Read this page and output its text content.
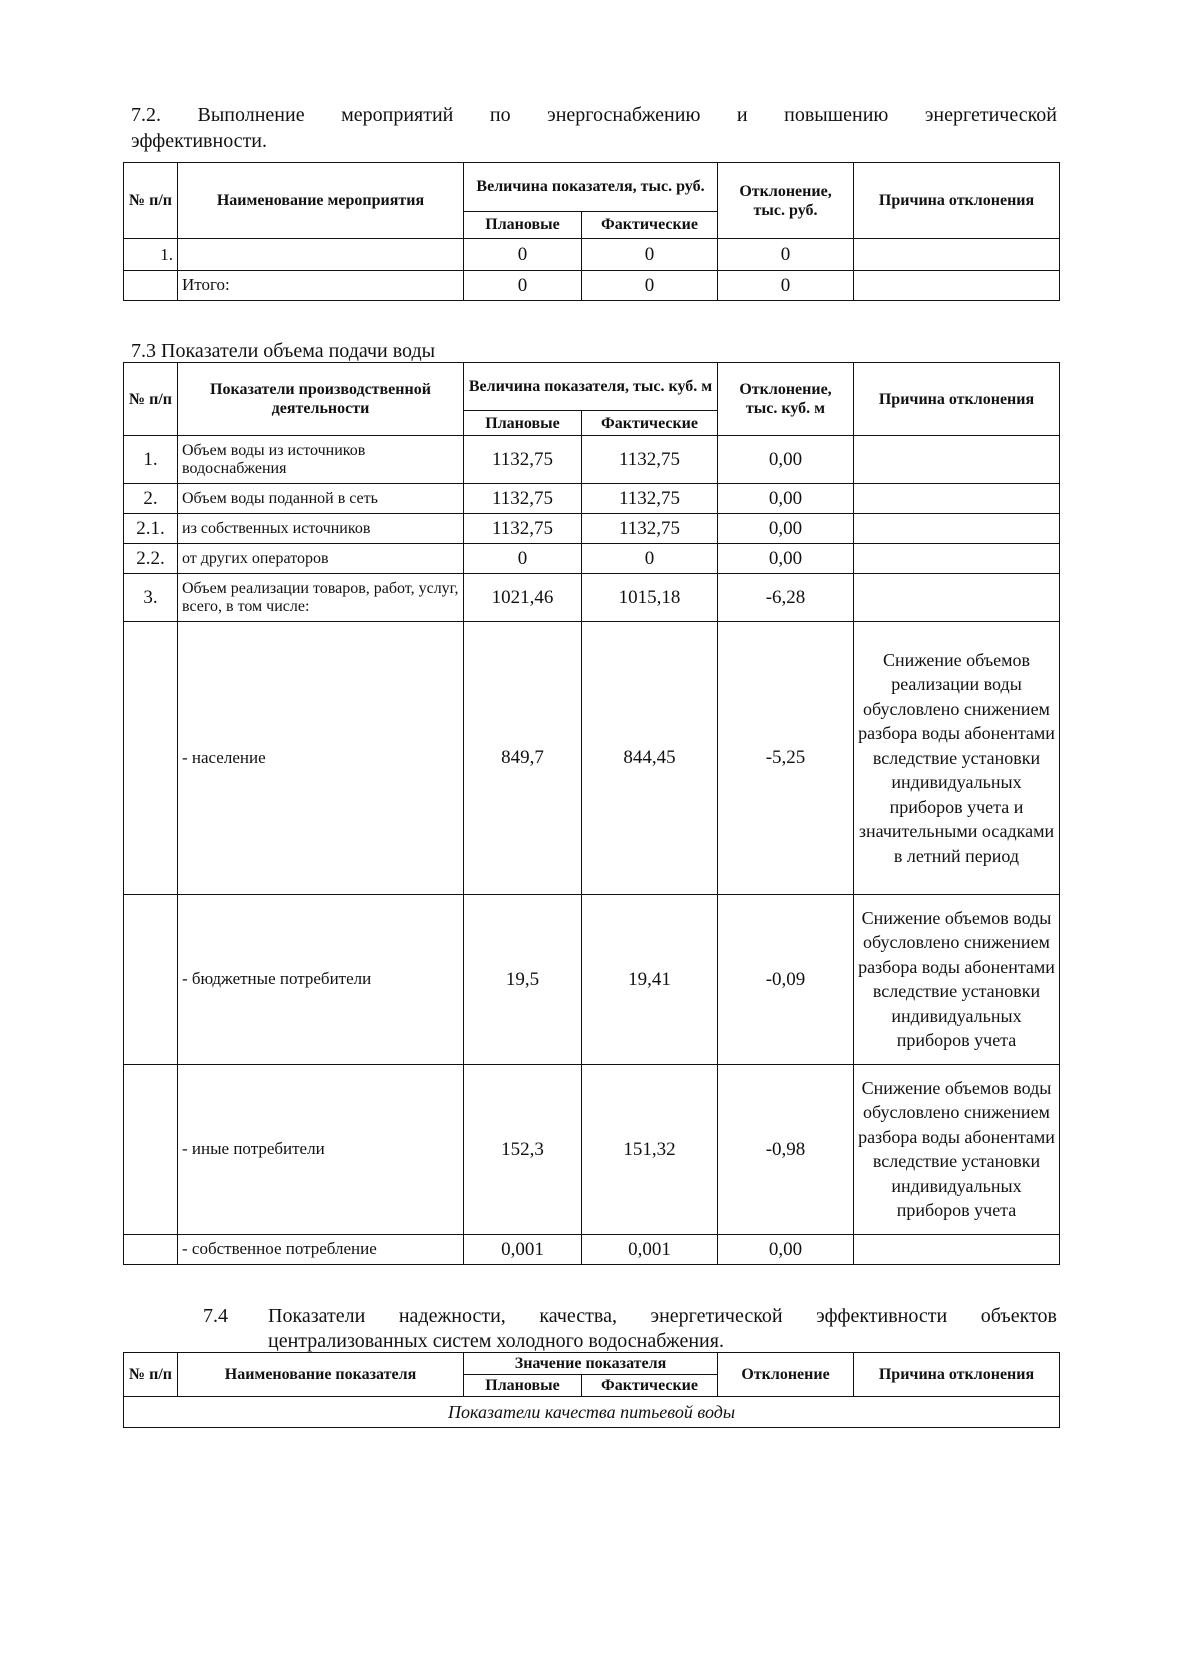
7.2. Выполнение мероприятий по энергоснабжению и повышению энергетической
эффективности.
№ п/п	Наименование мероприятия	Величина показателя, тыс. руб.		Отклонение, тыс. руб.	Причина отклонения
		Плановые	Фактические		
1.		0	0	0	
	Итого:	0	0	0	
7.3 Показатели объема подачи воды
№ п/п	Показатели производственной деятельности	Величина показателя, тыс. куб. м		Отклонение, тыс. куб. м	Причина отклонения
		Плановые	Фактические		
1.	Объем воды из источников водоснабжения	1132,75	1132,75	0,00	
2.	Объем воды поданной в сеть	1132,75	1132,75	0,00	
2.1.	из собственных источников	1132,75	1132,75	0,00	
2.2.	от других операторов	0	0	0,00	
3.	Объем реализации товаров, работ, услуг, всего, в том числе:	1021,46	1015,18	-6,28	
	- население	849,7	844,45	-5,25	Снижение объемов реализации воды обусловлено снижением разбора воды абонентами вследствие установки индивидуальных приборов учета и значительными осадками в летний период
	- бюджетные потребители	19,5	19,41	-0,09	Снижение объемов воды обусловлено снижением разбора воды абонентами вследствие установки индивидуальных приборов учета
	- иные потребители	152,3	151,32	-0,98	Снижение объемов воды обусловлено снижением разбора воды абонентами вследствие установки индивидуальных приборов учета
	- собственное потребление	0,001	0,001	0,00	
7.4	Показатели надежности, качества, энергетической эффективности объектов
централизованных систем холодного водоснабжения.
№ п/п	Наименование показателя	Значение показателя		Отклонение	Причина отклонения
		Плановые	Фактические		
Показатели качества питьевой воды					
